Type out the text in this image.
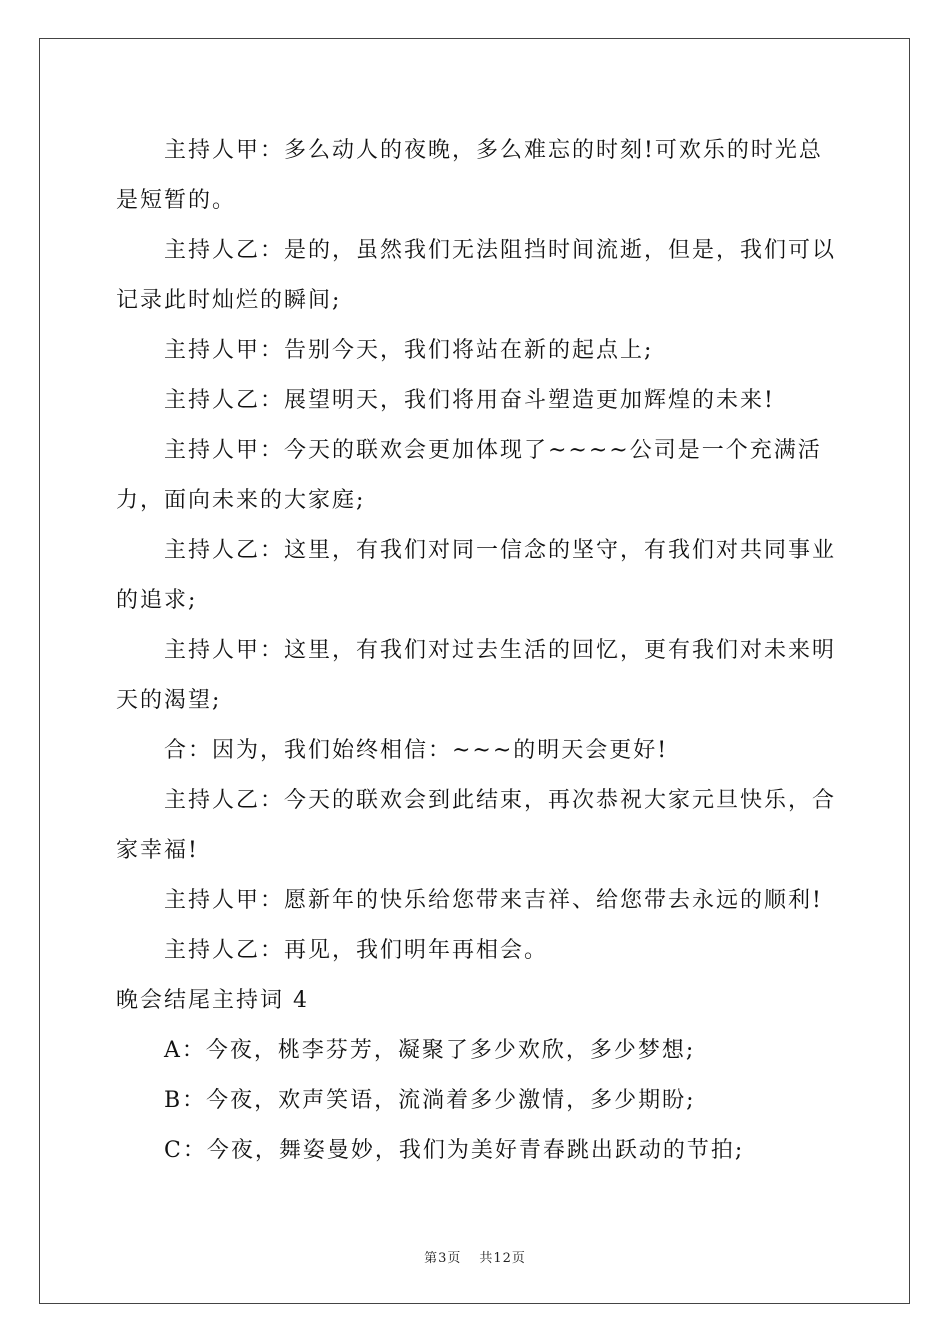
主持人甲：多么动人的夜晚，多么难忘的时刻!可欢乐的时光总是短暂的。

主持人乙：是的，虽然我们无法阻挡时间流逝，但是，我们可以记录此时灿烂的瞬间;

主持人甲：告别今天，我们将站在新的起点上;

主持人乙：展望明天，我们将用奋斗塑造更加辉煌的未来!

主持人甲：今天的联欢会更加体现了~~~~公司是一个充满活力，面向未来的大家庭;

主持人乙：这里，有我们对同一信念的坚守，有我们对共同事业的追求;

主持人甲：这里，有我们对过去生活的回忆，更有我们对未来明天的渴望;

合：因为，我们始终相信：~~~的明天会更好!

主持人乙：今天的联欢会到此结束，再次恭祝大家元旦快乐，合家幸福!

主持人甲：愿新年的快乐给您带来吉祥、给您带去永远的顺利!

主持人乙：再见，我们明年再相会。

晚会结尾主持词 4

A：今夜，桃李芬芳，凝聚了多少欢欣，多少梦想;

B：今夜，欢声笑语，流淌着多少激情，多少期盼;

C：今夜，舞姿曼妙，我们为美好青春跳出跃动的节拍;

第3页 共12页
